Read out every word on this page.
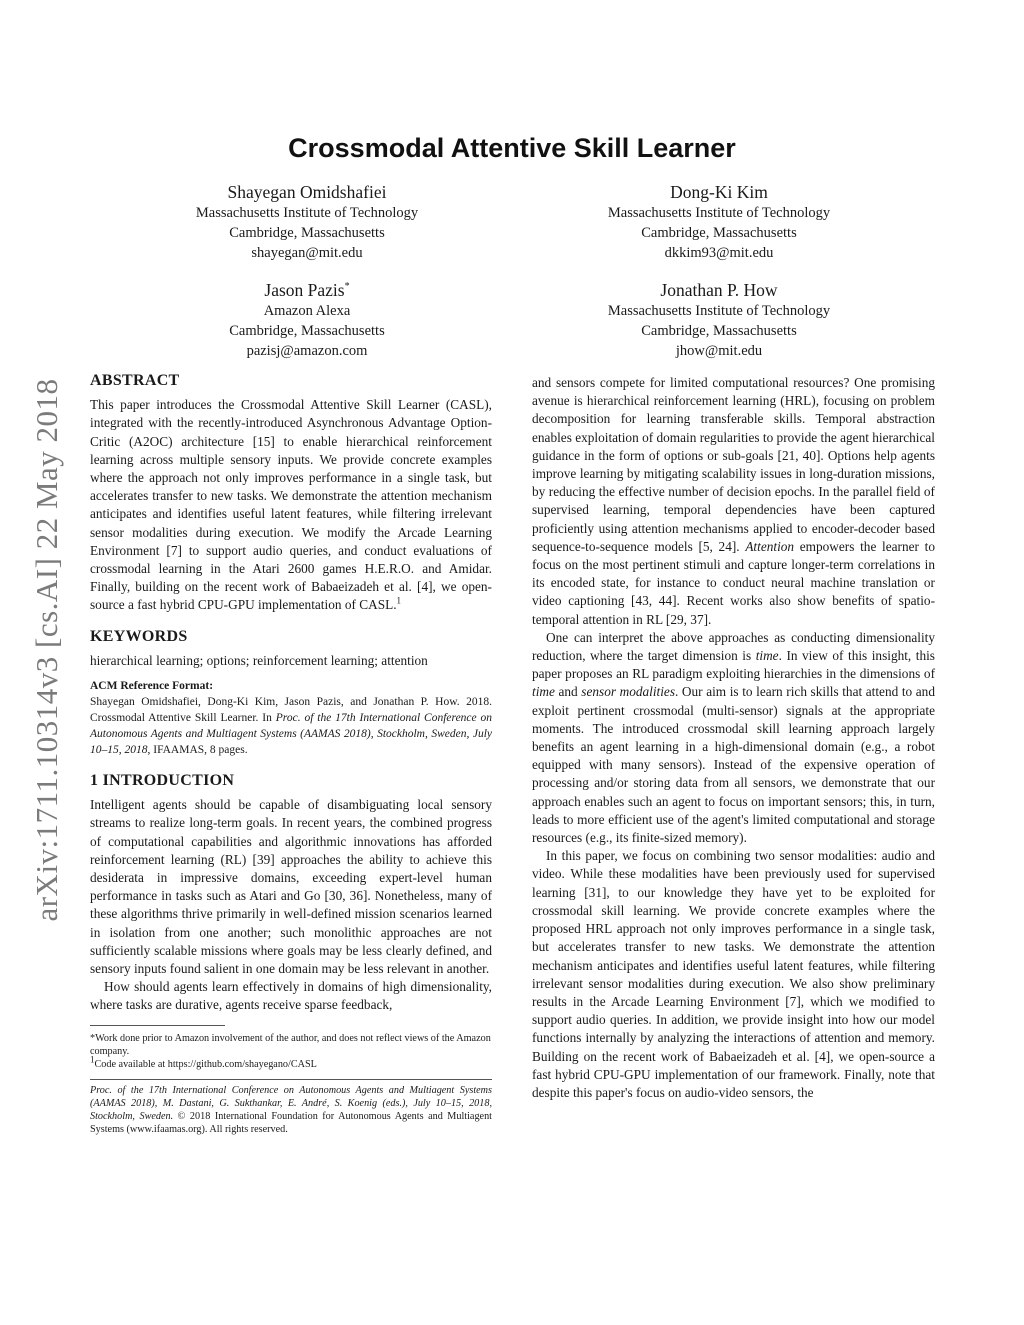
arXiv:1711.10314v3 [cs.AI] 22 May 2018
Crossmodal Attentive Skill Learner
Shayegan Omidshafiei
Massachusetts Institute of Technology
Cambridge, Massachusetts
shayegan@mit.edu
Dong-Ki Kim
Massachusetts Institute of Technology
Cambridge, Massachusetts
dkkim93@mit.edu
Jason Pazis*
Amazon Alexa
Cambridge, Massachusetts
pazisj@amazon.com
Jonathan P. How
Massachusetts Institute of Technology
Cambridge, Massachusetts
jhow@mit.edu
ABSTRACT

This paper introduces the Crossmodal Attentive Skill Learner (CASL), integrated with the recently-introduced Asynchronous Advantage Option-Critic (A2OC) architecture [15] to enable hierarchical reinforcement learning across multiple sensory inputs. We provide concrete examples where the approach not only improves performance in a single task, but accelerates transfer to new tasks. We demonstrate the attention mechanism anticipates and identifies useful latent features, while filtering irrelevant sensor modalities during execution. We modify the Arcade Learning Environment [7] to support audio queries, and conduct evaluations of crossmodal learning in the Atari 2600 games H.E.R.O. and Amidar. Finally, building on the recent work of Babaeizadeh et al. [4], we open-source a fast hybrid CPU-GPU implementation of CASL.$^1$

KEYWORDS

hierarchical learning; options; reinforcement learning; attention

ACM Reference Format:

Shayegan Omidshafiei, Dong-Ki Kim, Jason Pazis, and Jonathan P. How. 2018. Crossmodal Attentive Skill Learner. In Proc. of the 17th International Conference on Autonomous Agents and Multiagent Systems (AAMAS 2018), Stockholm, Sweden, July 10–15, 2018, IFAAMAS, 8 pages.

1 INTRODUCTION

Intelligent agents should be capable of disambiguating local sensory streams to realize long-term goals. In recent years, the combined progress of computational capabilities and algorithmic innovations has afforded reinforcement learning (RL) [39] approaches the ability to achieve this desiderata in impressive domains, exceeding expert-level human performance in tasks such as Atari and Go [30, 36]. Nonetheless, many of these algorithms thrive primarily in well-defined mission scenarios learned in isolation from one another; such monolithic approaches are not sufficiently scalable missions where goals may be less clearly defined, and sensory inputs found salient in one domain may be less relevant in another.

How should agents learn effectively in domains of high dimensionality, where tasks are durative, agents receive sparse feedback,

*Work done prior to Amazon involvement of the author, and does not reflect views of the Amazon company.

1Code available at https://github.com/shayegano/CASL

Proc. of the 17th International Conference on Autonomous Agents and Multiagent Systems (AAMAS 2018), M. Dastani, G. Sukthankar, E. André, S. Koenig (eds.), July 10–15, 2018, Stockholm, Sweden. © 2018 International Foundation for Autonomous Agents and Multiagent Systems (www.ifaamas.org). All rights reserved.

and sensors compete for limited computational resources? One promising avenue is hierarchical reinforcement learning (HRL), focusing on problem decomposition for learning transferable skills. Temporal abstraction enables exploitation of domain regularities to provide the agent hierarchical guidance in the form of options or sub-goals [21, 40]. Options help agents improve learning by mitigating scalability issues in long-duration missions, by reducing the effective number of decision epochs. In the parallel field of supervised learning, temporal dependencies have been captured proficiently using attention mechanisms applied to encoder-decoder based sequence-to-sequence models [5, 24]. Attention empowers the learner to focus on the most pertinent stimuli and capture longer-term correlations in its encoded state, for instance to conduct neural machine translation or video captioning [43, 44]. Recent works also show benefits of spatio-temporal attention in RL [29, 37].

One can interpret the above approaches as conducting dimensionality reduction, where the target dimension is time. In view of this insight, this paper proposes an RL paradigm exploiting hierarchies in the dimensions of time and sensor modalities. Our aim is to learn rich skills that attend to and exploit pertinent crossmodal (multi-sensor) signals at the appropriate moments. The introduced crossmodal skill learning approach largely benefits an agent learning in a high-dimensional domain (e.g., a robot equipped with many sensors). Instead of the expensive operation of processing and/or storing data from all sensors, we demonstrate that our approach enables such an agent to focus on important sensors; this, in turn, leads to more efficient use of the agent's limited computational and storage resources (e.g., its finite-sized memory).

In this paper, we focus on combining two sensor modalities: audio and video. While these modalities have been previously used for supervised learning [31], to our knowledge they have yet to be exploited for crossmodal skill learning. We provide concrete examples where the proposed HRL approach not only improves performance in a single task, but accelerates transfer to new tasks. We demonstrate the attention mechanism anticipates and identifies useful latent features, while filtering irrelevant sensor modalities during execution. We also show preliminary results in the Arcade Learning Environment [7], which we modified to support audio queries. In addition, we provide insight into how our model functions internally by analyzing the interactions of attention and memory. Building on the recent work of Babaeizadeh et al. [4], we open-source a fast hybrid CPU-GPU implementation of our framework. Finally, note that despite this paper's focus on audio-video sensors, the
